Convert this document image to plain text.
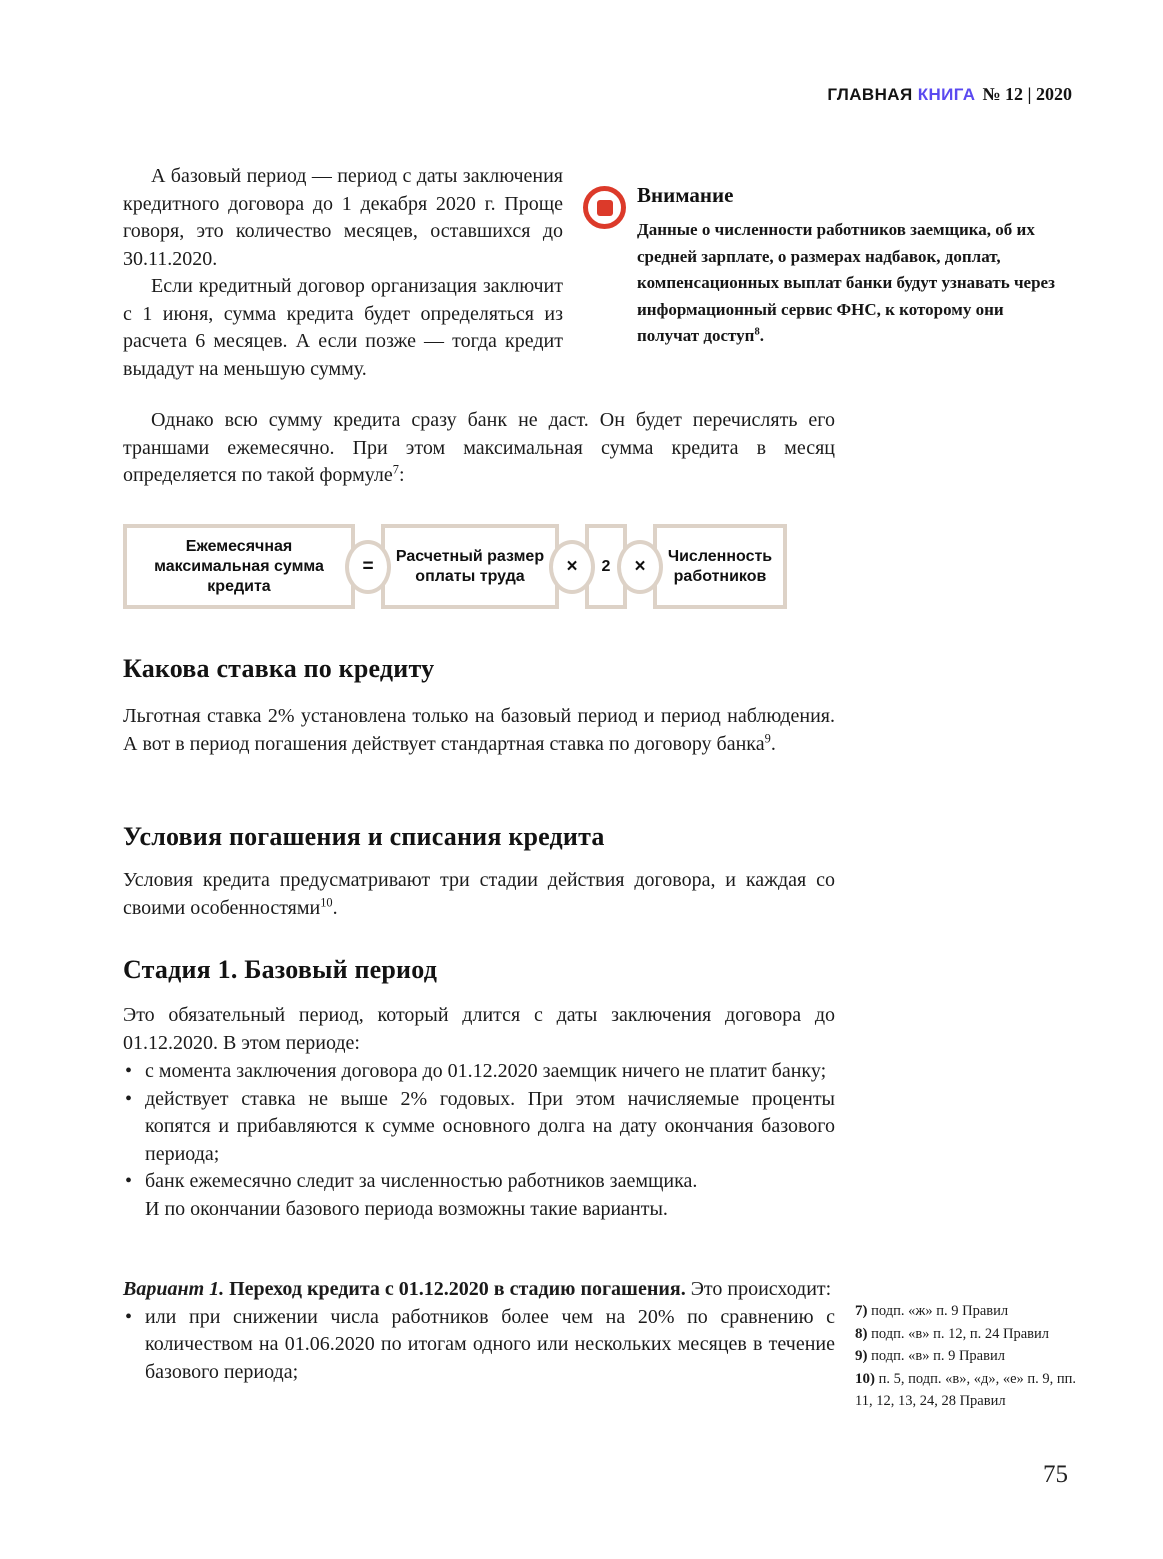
ГЛАВНАЯ КНИГА № 12 | 2020

А базовый период — период с даты заключения кредитного договора до 1 декабря 2020 г. Проще говоря, это количество месяцев, оставшихся до 30.11.2020.

Если кредитный договор организация заключит с 1 июня, сумма кредита будет определяться из расчета 6 месяцев. А если позже — тогда кредит выдадут на меньшую сумму.

Внимание

Данные о численности работников заемщика, об их средней зарплате, о размерах надбавок, доплат, компенсационных выплат банки будут узнавать через информационный сервис ФНС, к которому они получат доступ$^8$.

Однако всю сумму кредита сразу банк не даст. Он будет перечислять его траншами ежемесячно. При этом максимальная сумма кредита в месяц определяется по такой формуле$^7$:

Ежемесячная максимальная сумма кредита
=	Расчетный размер оплаты труда	×	2	×	Численность работников
Какова ставка по кредиту

Льготная ставка 2% установлена только на базовый период и период наблюдения. А вот в период погашения действует стандартная ставка по договору банка$^9$.

Условия погашения и списания кредита

Условия кредита предусматривают три стадии действия договора, и каждая со своими особенностями$^{10}$.

Стадия 1. Базовый период

Это обязательный период, который длится с даты заключения договора до 01.12.2020. В этом периоде:

• с момента заключения договора до 01.12.2020 заемщик ничего не платит банку;
• действует ставка не выше 2% годовых. При этом начисляемые проценты копятся и прибавляются к сумме основного долга на дату окончания базового периода;
• банк ежемесячно следит за численностью работников заемщика.
И по окончании базового периода возможны такие варианты.

Вариант 1. Переход кредита с 01.12.2020 в стадию погашения. Это происходит:

• или при снижении числа работников более чем на 20% по сравнению с количеством на 01.06.2020 по итогам одного или нескольких месяцев в течение базового периода;

7) подп. «ж» п. 9 Правил

8) подп. «в» п. 12, п. 24 Правил

9) подп. «в» п. 9 Правил

10) п. 5, подп. «в», «д», «е» п. 9, пп. 11, 12, 13, 24, 28 Правил

75
